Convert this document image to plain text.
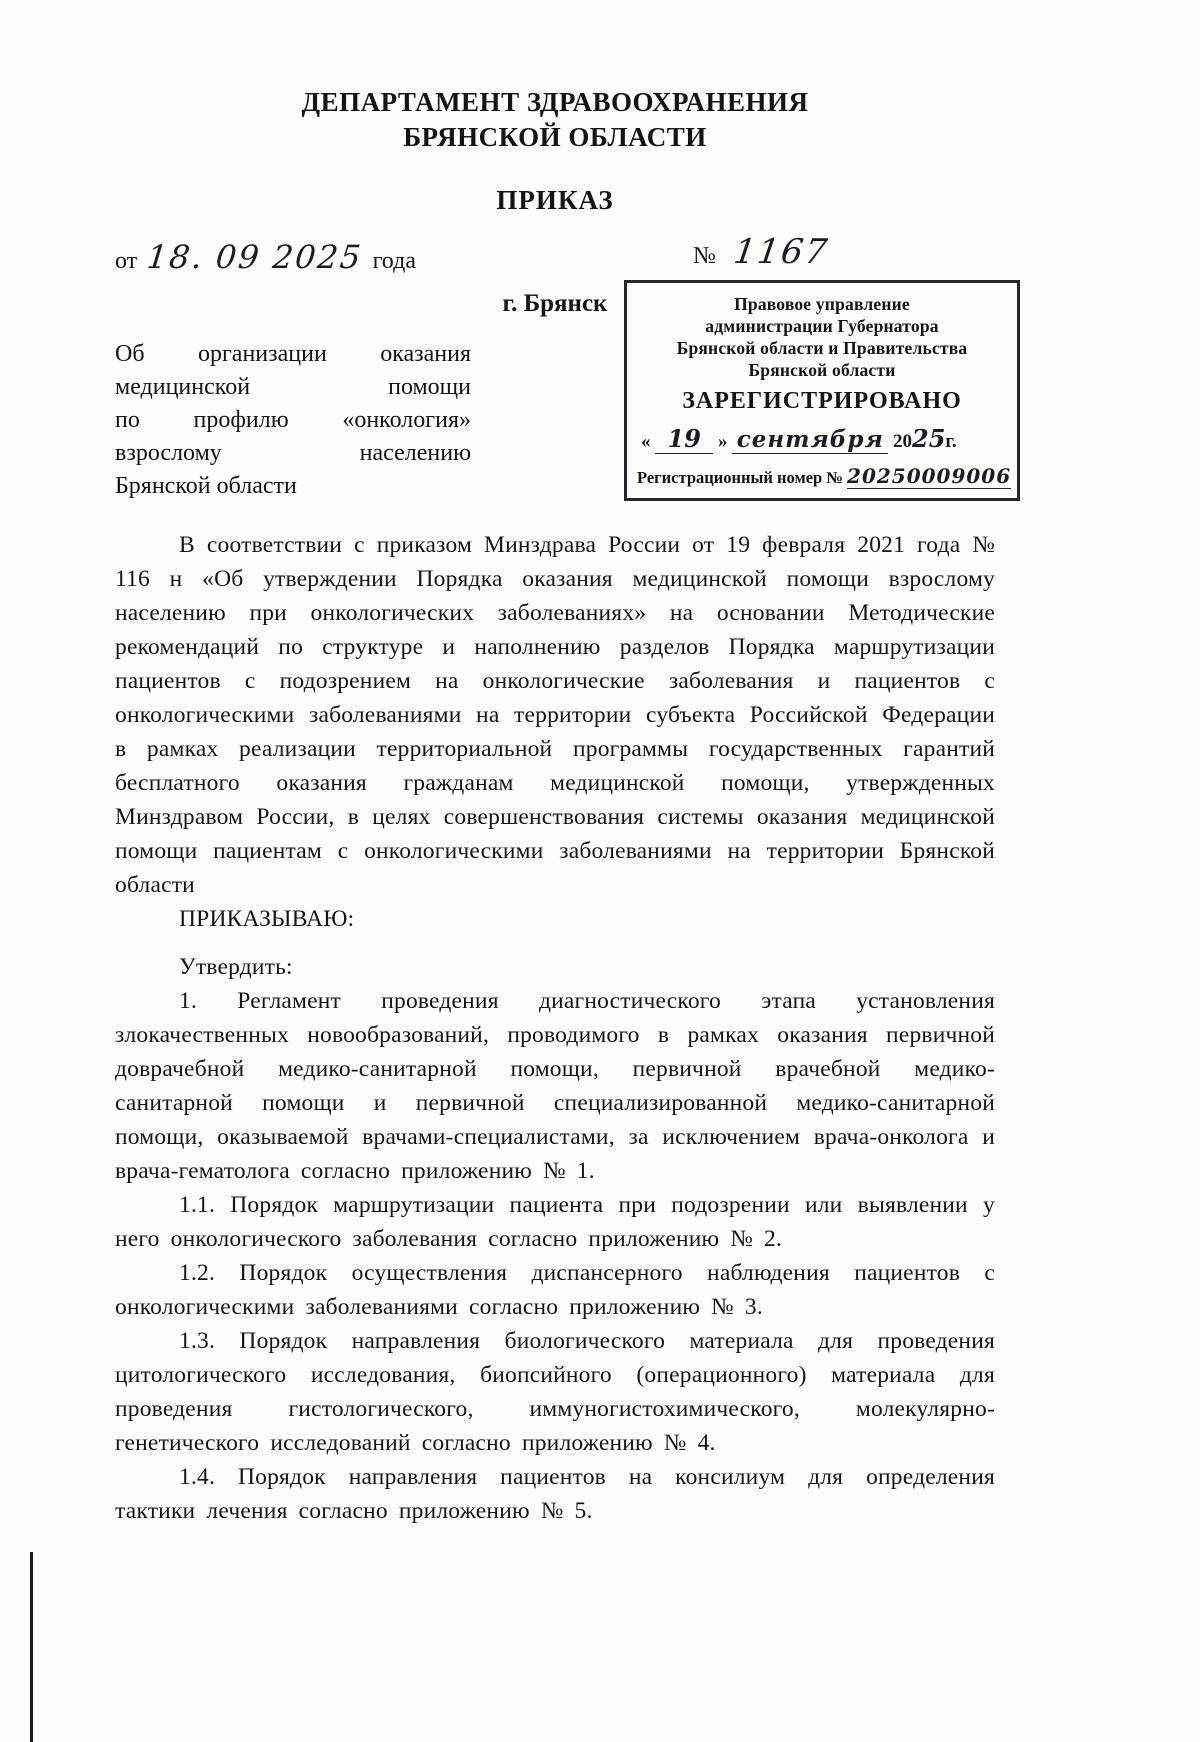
ДЕПАРТАМЕНТ ЗДРАВООХРАНЕНИЯ
БРЯНСКОЙ ОБЛАСТИ
ПРИКАЗ
от 18. 09 2025 года	№ 1167
г. Брянск
Об организации оказания
медицинской помощи
по профилю «онкология»
взрослому населению
Брянской области
Правовое управление
администрации Губернатора
Брянской области и Правительства
Брянской области
ЗАРЕГИСТРИРОВАНО
« 19 » сентября 2025г.
Регистрационный номер № 20250009006

В соответствии с приказом Минздрава России от 19 февраля 2021 года № 116 н «Об утверждении Порядка оказания медицинской помощи взрослому населению при онкологических заболеваниях» на основании Методические рекомендаций по структуре и наполнению разделов Порядка маршрутизации пациентов с подозрением на онкологические заболевания и пациентов с онкологическими заболеваниями на территории субъекта Российской Федерации в рамках реализации территориальной программы государственных гарантий бесплатного оказания гражданам медицинской помощи, утвержденных Минздравом России, в целях совершенствования системы оказания медицинской помощи пациентам с онкологическими заболеваниями на территории Брянской области

ПРИКАЗЫВАЮ:

Утвердить:

1. Регламент проведения диагностического этапа установления злокачественных новообразований, проводимого в рамках оказания первичной доврачебной медико-санитарной помощи, первичной врачебной медико-санитарной помощи и первичной специализированной медико-санитарной помощи, оказываемой врачами-специалистами, за исключением врача-онколога и врача-гематолога согласно приложению № 1.

1.1. Порядок маршрутизации пациента при подозрении или выявлении у него онкологического заболевания согласно приложению № 2.

1.2. Порядок осуществления диспансерного наблюдения пациентов с онкологическими заболеваниями согласно приложению № 3.

1.3. Порядок направления биологического материала для проведения цитологического исследования, биопсийного (операционного) материала для проведения гистологического, иммуногистохимического, молекулярно-генетического исследований согласно приложению № 4.

1.4. Порядок направления пациентов на консилиум для определения тактики лечения согласно приложению № 5.
